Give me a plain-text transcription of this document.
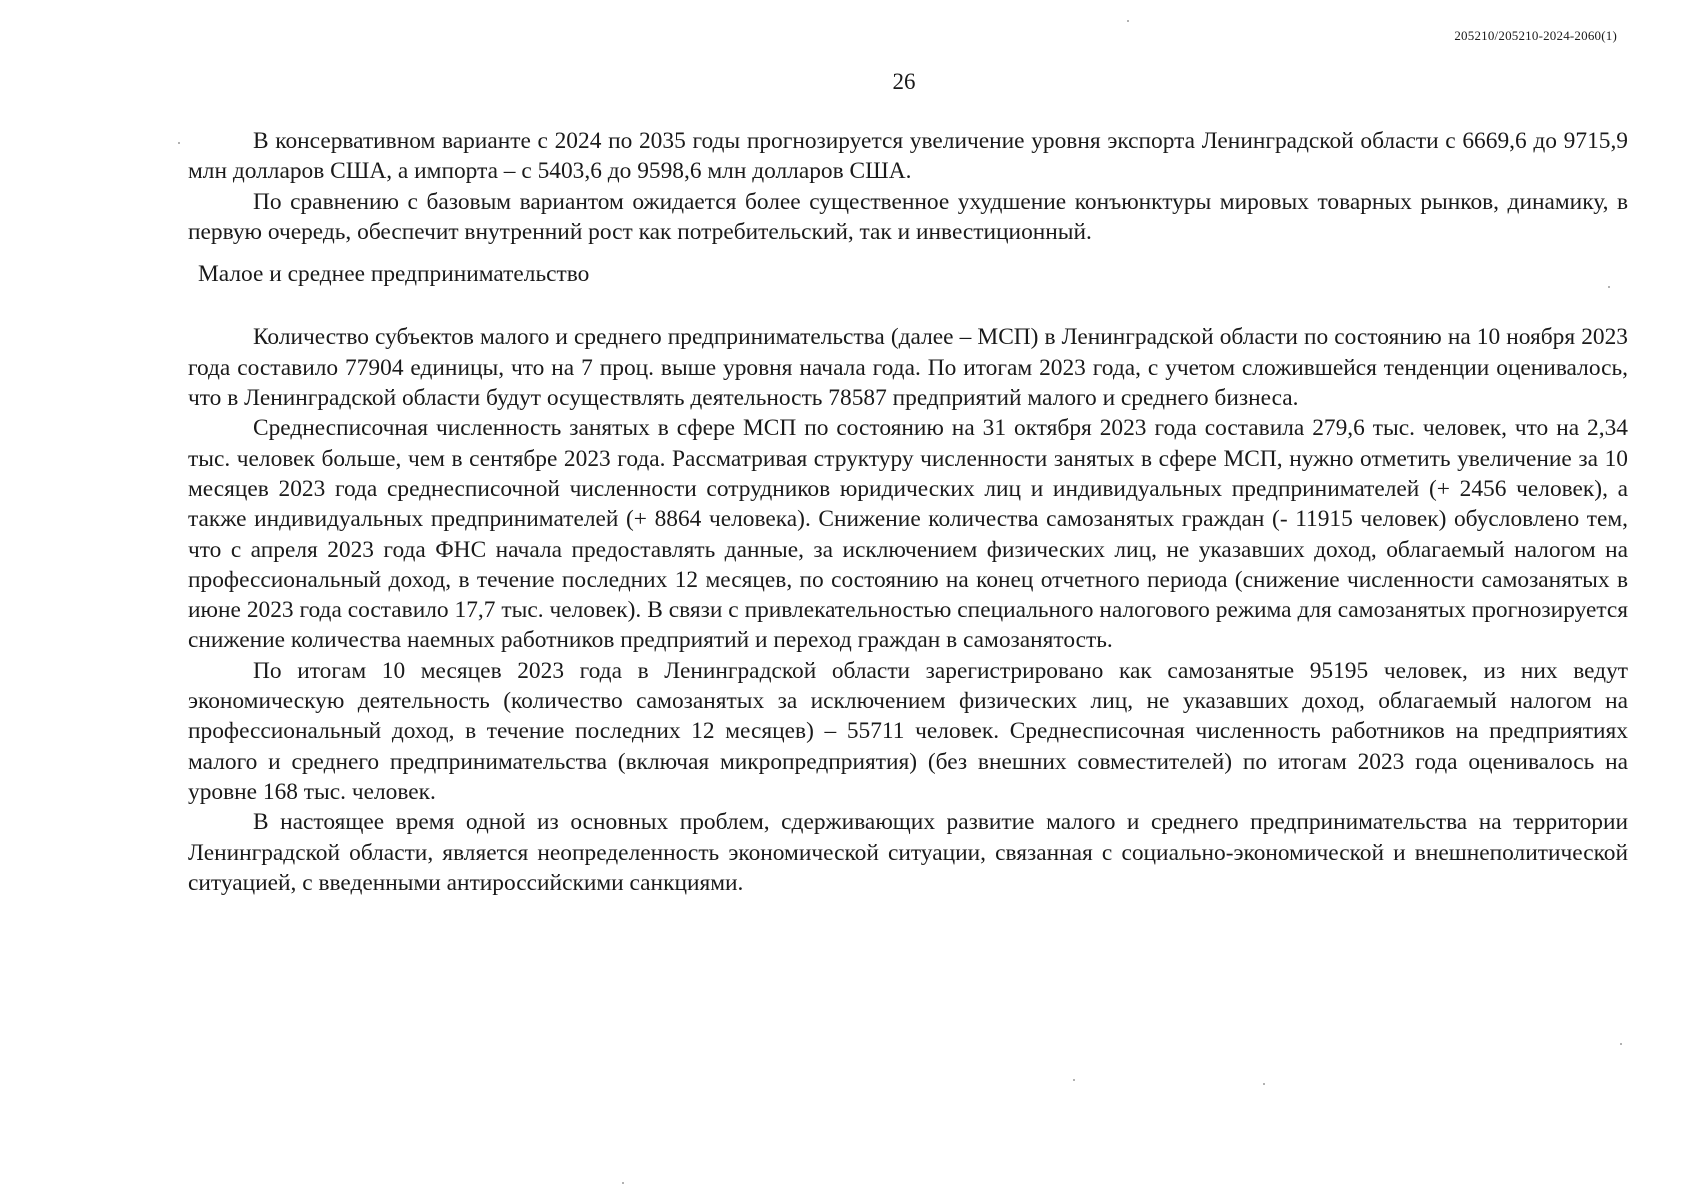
205210/205210-2024-2060(1)
26

В консервативном варианте с 2024 по 2035 годы прогнозируется увеличение уровня экспорта Ленинградской области с 6669,6 до 9715,9 млн долларов США, а импорта – с 5403,6 до 9598,6 млн долларов США.

По сравнению с базовым вариантом ожидается более существенное ухудшение конъюнктуры мировых товарных рынков, динамику, в первую очередь, обеспечит внутренний рост как потребительский, так и инвестиционный.

Малое и среднее предпринимательство

Количество субъектов малого и среднего предпринимательства (далее – МСП) в Ленинградской области по состоянию на 10 ноября 2023 года составило 77904 единицы, что на 7 проц. выше уровня начала года. По итогам 2023 года, с учетом сложившейся тенденции оценивалось, что в Ленинградской области будут осуществлять деятельность 78587 предприятий малого и среднего бизнеса.

Среднесписочная численность занятых в сфере МСП по состоянию на 31 октября 2023 года составила 279,6 тыс. человек, что на 2,34 тыс. человек больше, чем в сентябре 2023 года. Рассматривая структуру численности занятых в сфере МСП, нужно отметить увеличение за 10 месяцев 2023 года среднесписочной численности сотрудников юридических лиц и индивидуальных предпринимателей (+ 2456 человек), а также индивидуальных предпринимателей (+ 8864 человека). Снижение количества самозанятых граждан (- 11915 человек) обусловлено тем, что с апреля 2023 года ФНС начала предоставлять данные, за исключением физических лиц, не указавших доход, облагаемый налогом на профессиональный доход, в течение последних 12 месяцев, по состоянию на конец отчетного периода (снижение численности самозанятых в июне 2023 года составило 17,7 тыс. человек). В связи с привлекательностью специального налогового режима для самозанятых прогнозируется снижение количества наемных работников предприятий и переход граждан в самозанятость.

По итогам 10 месяцев 2023 года в Ленинградской области зарегистрировано как самозанятые 95195 человек, из них ведут экономическую деятельность (количество самозанятых за исключением физических лиц, не указавших доход, облагаемый налогом на профессиональный доход, в течение последних 12 месяцев) – 55711 человек. Среднесписочная численность работников на предприятиях малого и среднего предпринимательства (включая микропредприятия) (без внешних совместителей) по итогам 2023 года оценивалось на уровне 168 тыс. человек.

В настоящее время одной из основных проблем, сдерживающих развитие малого и среднего предпринимательства на территории Ленинградской области, является неопределенность экономической ситуации, связанная с социально-экономической и внешнеполитической ситуацией, с введенными антироссийскими санкциями.
